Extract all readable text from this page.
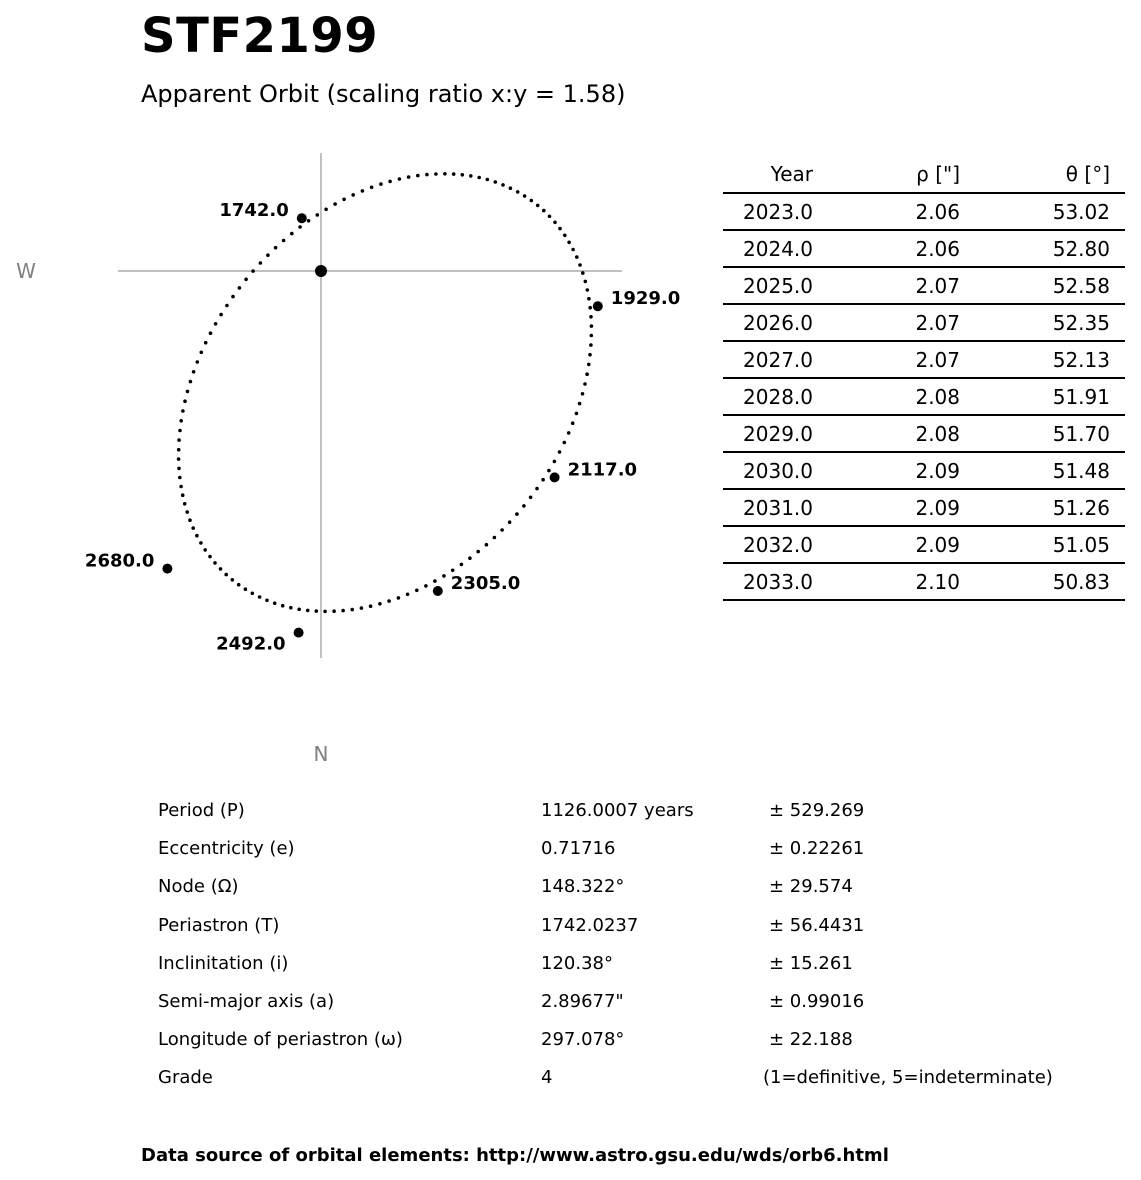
STF2199
Apparent Orbit (scaling ratio x:y = 1.58)
W
N
1742.0
1929.0
2117.0
2305.0
2492.0
2680.0
Year	ρ ["]	θ [°]
2023.0	2.06	53.02
2024.0	2.06	52.80
2025.0	2.07	52.58
2026.0	2.07	52.35
2027.0	2.07	52.13
2028.0	2.08	51.91
2029.0	2.08	51.70
2030.0	2.09	51.48
2031.0	2.09	51.26
2032.0	2.09	51.05
2033.0	2.10	50.83
Period (P)	1126.0007 years	± 529.269
Eccentricity (e)	0.71716	± 0.22261
Node (Ω)	148.322°	± 29.574
Periastron (T)	1742.0237	± 56.4431
Inclinitation (i)	120.38°	± 15.261
Semi-major axis (a)	2.89677"	± 0.99016
Longitude of periastron (ω)	297.078°	± 22.188
Grade	4	(1=definitive, 5=indeterminate)
Data source of orbital elements: http://www.astro.gsu.edu/wds/orb6.html
